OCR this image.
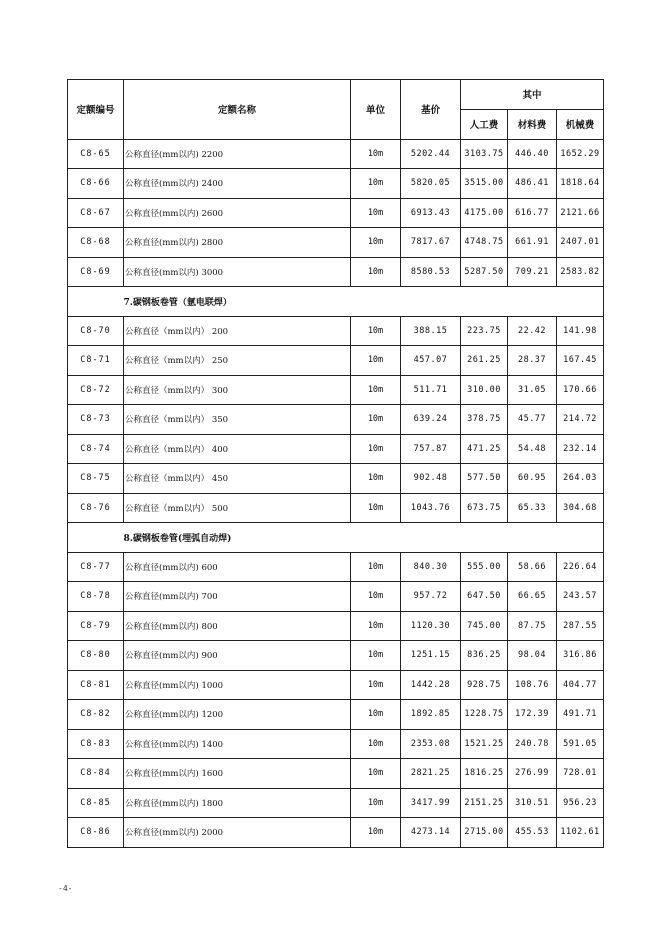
定额编号	定额名称	单位	基价	其中		
				人工费	材料费	机械费
C8-65	公称直径(mm以内) 2200	10m	5202.44	3103.75	446.40	1652.29
C8-66	公称直径(mm以内) 2400	10m	5820.05	3515.00	486.41	1818.64
C8-67	公称直径(mm以内) 2600	10m	6913.43	4175.00	616.77	2121.66
C8-68	公称直径(mm以内) 2800	10m	7817.67	4748.75	661.91	2407.01
C8-69	公称直径(mm以内) 3000	10m	8580.53	5287.50	709.21	2583.82
	7.碳钢板卷管（氩电联焊）					
C8-70	公称直径（mm以内） 200	10m	388.15	223.75	22.42	141.98
C8-71	公称直径（mm以内） 250	10m	457.07	261.25	28.37	167.45
C8-72	公称直径（mm以内） 300	10m	511.71	310.00	31.05	170.66
C8-73	公称直径（mm以内） 350	10m	639.24	378.75	45.77	214.72
C8-74	公称直径（mm以内） 400	10m	757.87	471.25	54.48	232.14
C8-75	公称直径（mm以内） 450	10m	902.48	577.50	60.95	264.03
C8-76	公称直径（mm以内） 500	10m	1043.76	673.75	65.33	304.68
	8.碳钢板卷管(埋弧自动焊)					
C8-77	公称直径(mm以内) 600	10m	840.30	555.00	58.66	226.64
C8-78	公称直径(mm以内) 700	10m	957.72	647.50	66.65	243.57
C8-79	公称直径(mm以内) 800	10m	1120.30	745.00	87.75	287.55
C8-80	公称直径(mm以内) 900	10m	1251.15	836.25	98.04	316.86
C8-81	公称直径(mm以内) 1000	10m	1442.28	928.75	108.76	404.77
C8-82	公称直径(mm以内) 1200	10m	1892.85	1228.75	172.39	491.71
C8-83	公称直径(mm以内) 1400	10m	2353.08	1521.25	240.78	591.05
C8-84	公称直径(mm以内) 1600	10m	2821.25	1816.25	276.99	728.01
C8-85	公称直径(mm以内) 1800	10m	3417.99	2151.25	310.51	956.23
C8-86	公称直径(mm以内) 2000	10m	4273.14	2715.00	455.53	1102.61
-4-
